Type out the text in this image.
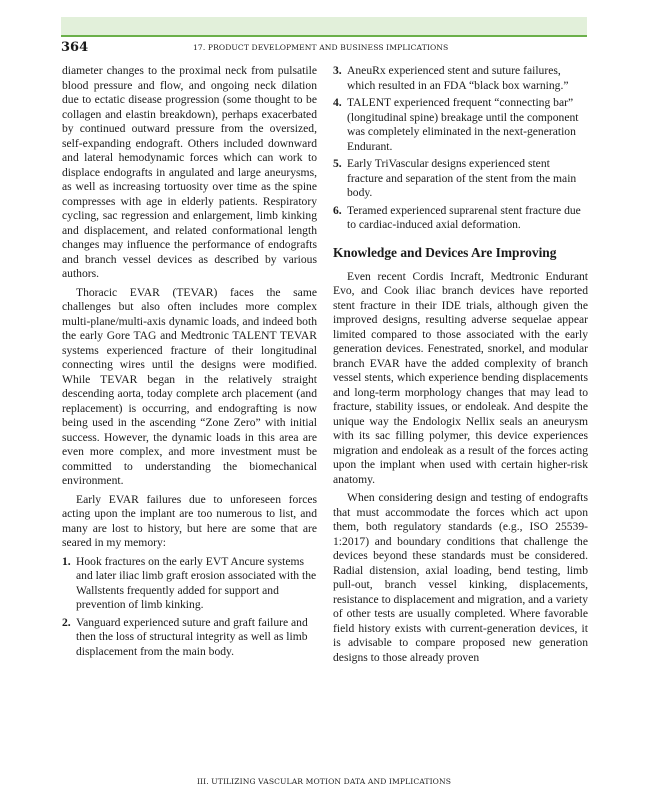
364	17. PRODUCT DEVELOPMENT AND BUSINESS IMPLICATIONS

diameter changes to the proximal neck from pulsatile blood pressure and flow, and ongoing neck dilation due to ectatic disease progression (some thought to be collagen and elastin breakdown), perhaps exacerbated by continued outward pressure from the oversized, self-expanding endograft. Others included downward and lateral hemodynamic forces which can work to displace endografts in angulated and large aneurysms, as well as increasing tortuosity over time as the spine compresses with age in elderly patients. Respiratory cycling, sac regression and enlargement, limb kinking and displacement, and related conformational length changes may influence the performance of endografts and branch vessel devices as described by various authors.

Thoracic EVAR (TEVAR) faces the same challenges but also often includes more complex multi-plane/multi-axis dynamic loads, and indeed both the early Gore TAG and Medtronic TALENT TEVAR systems experienced fracture of their longitudinal connecting wires until the designs were modified. While TEVAR began in the relatively straight descending aorta, today complete arch placement (and replacement) is occurring, and endografting is now being used in the ascending “Zone Zero” with initial success. However, the dynamic loads in this area are even more complex, and more investment must be committed to understanding the biomechanical environment.

Early EVAR failures due to unforeseen forces acting upon the implant are too numerous to list, and many are lost to history, but here are some that are seared in my memory:

1. Hook fractures on the early EVT Ancure systems and later iliac limb graft erosion associated with the Wallstents frequently added for support and prevention of limb kinking.
2. Vanguard experienced suture and graft failure and then the loss of structural integrity as well as limb displacement from the main body.
3. AneuRx experienced stent and suture failures, which resulted in an FDA “black box warning.”
4. TALENT experienced frequent “connecting bar” (longitudinal spine) breakage until the component was completely eliminated in the next-generation Endurant.
5. Early TriVascular designs experienced stent fracture and separation of the stent from the main body.
6. Teramed experienced suprarenal stent fracture due to cardiac-induced axial deformation.
Knowledge and Devices Are Improving

Even recent Cordis Incraft, Medtronic Endurant Evo, and Cook iliac branch devices have reported stent fracture in their IDE trials, although given the improved designs, resulting adverse sequelae appear limited compared to those associated with the early generation devices. Fenestrated, snorkel, and modular branch EVAR have the added complexity of branch vessel stents, which experience bending displacements and long-term morphology changes that may lead to fracture, stability issues, or endoleak. And despite the unique way the Endologix Nellix seals an aneurysm with its sac filling polymer, this device experiences migration and endoleak as a result of the forces acting upon the implant when used with certain higher-risk anatomy.

When considering design and testing of endografts that must accommodate the forces which act upon them, both regulatory standards (e.g., ISO 25539-1:2017) and boundary conditions that challenge the devices beyond these standards must be considered. Radial distension, axial loading, bend testing, limb pull-out, branch vessel kinking, displacements, resistance to displacement and migration, and a variety of other tests are usually completed. Where favorable field history exists with current-generation devices, it is advisable to compare proposed new generation designs to those already proven

III. UTILIZING VASCULAR MOTION DATA AND IMPLICATIONS
